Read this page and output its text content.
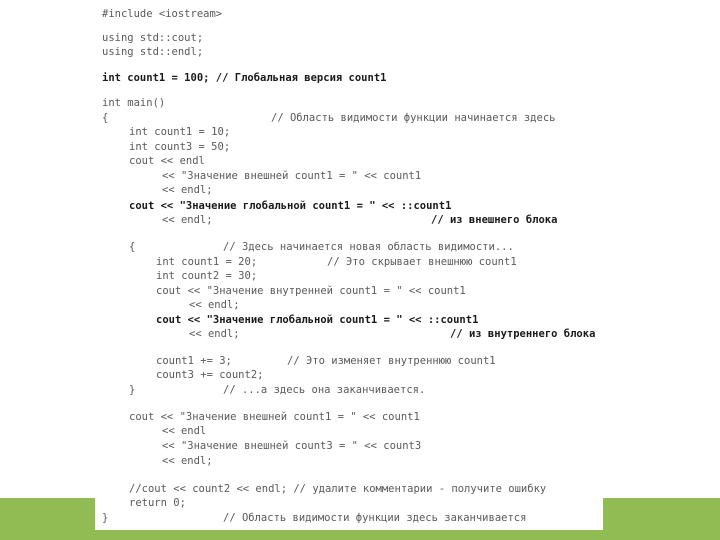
#include <iostream>
using std::cout;
using std::endl;
int count1 = 100; // Глобальная версия count1
int main()
{	// Область видимости функции начинается здесь
int count1 = 10;
int count3 = 50;
cout << endl
<< "Значение внешней count1 = " << count1
<< endl;
cout << "Значение глобальной count1 = " << ::count1
<< endl;	// из внешнего блока
{	// Здесь начинается новая область видимости...
int count1 = 20;	// Это скрывает внешнюю count1
int count2 = 30;
cout << "Значение внутренней count1 = " << count1
<< endl;
cout << "Значение глобальной count1 = " << ::count1
<< endl;	// из внутреннего блока
count1 += 3;	// Это изменяет внутреннюю count1
count3 += count2;
}	// ...а здесь она заканчивается.
cout << "Значение внешней count1 = " << count1
<< endl
<< "Значение внешней count3 = " << count3
<< endl;
//cout << count2 << endl; // удалите комментарии - получите ошибку
return 0;
}	// Область видимости функции здесь заканчивается
